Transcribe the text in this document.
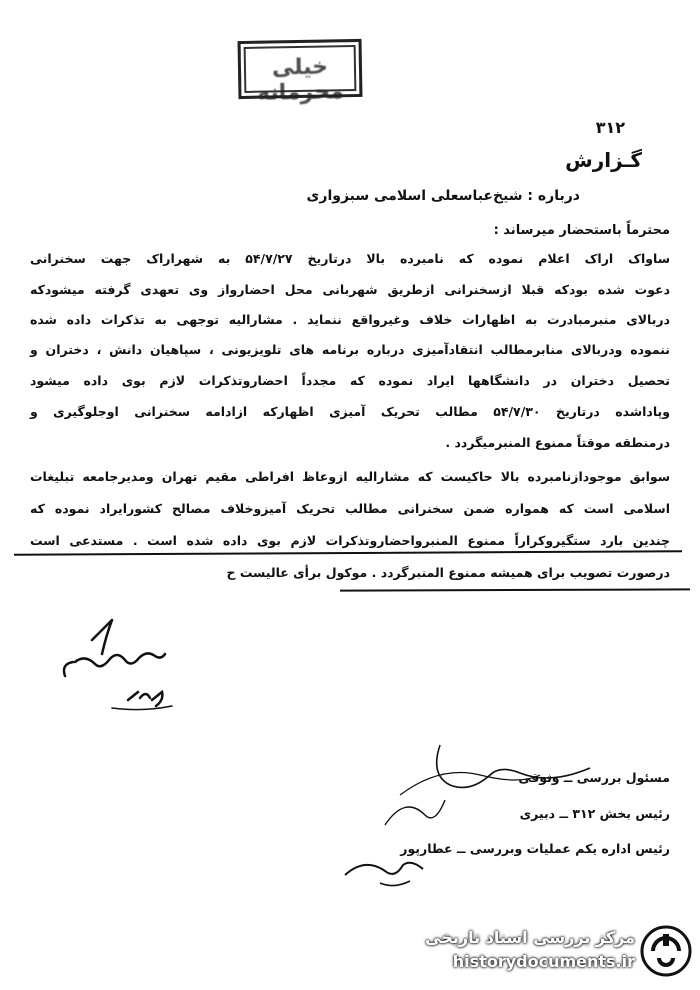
خیلی محرمانه
۳۱۲
گـزارش
درباره : شیخ‌عباسعلی اسلامی سبزواری
محترماً باستحضار میرساند :
ساواک اراک اعلام نموده که نامبرده بالا درتاریخ ۵۴/۷/۲۷ به شهراراک جهت سخنرانی
دعوت شده بودکه قبلا ازسخنرانی ازطریق شهربانی محل احضارواز وی تعهدی گرفته میشودکه
دربالای منبرمبادرت به اظهارات خلاف وغیرواقع ننماید . مشارالیه توجهی به تذکرات داده شده
ننموده ودربالای منابرمطالب انتقادآمیزی درباره برنامه های تلویزیونی ، سپاهیان دانش ، دختران و
تحصیل دختران در دانشگاهها ایراد نموده که مجدداً احضاروتذکرات لازم بوی داده میشود
وپاداشده درتاریخ ۵۴/۷/۳۰ مطالب تحریک آمیزی اظهارکه ازادامه سخنرانی اوجلوگیری و
درمنطقه موقتاً ممنوع المنبرمیگردد .
سوابق موجودازنامبرده بالا حاکیست که مشارالیه ازوعاظ افراطی مقیم تهران ومدیرجامعه تبلیغات
اسلامی است که همواره ضمن سخنرانی مطالب تحریک آمیزوخلاف مصالح کشورایراد نموده که
چندین بارد ستگیروکراراً ممنوع المنبرواحضاروتذکرات لازم بوی داده شده است . مستدعی است
درصورت تصویب برای همیشه ممنوع المنبرگردد . موکول برأی عالیست ح
مسئول بررسی ــ وثوقی
رئیس بخش ۳۱۲ ــ دبیری
رئیس اداره یکم عملیات وبررسی ــ عطارپور
مرکز بررسی اسناد تاریخی
historydocuments.ir
